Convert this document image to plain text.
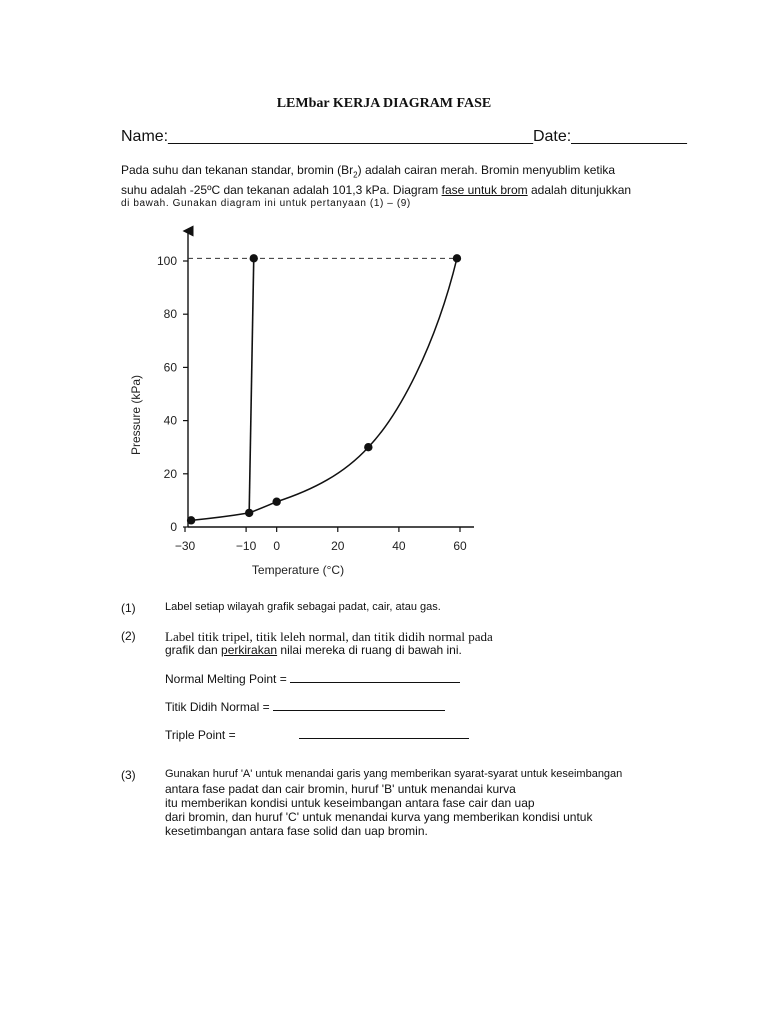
LEMbar KERJA DIAGRAM FASE
Name:_________________________________________Date:_____________
Pada suhu dan tekanan standar, bromin $(Br_2)$ adalah cairan merah. Bromin menyublim ketika
suhu adalah -25ºC dan tekanan adalah 101,3 kPa. Diagram fase untuk brom adalah ditunjukkan
di bawah. Gunakan diagram ini untuk pertanyaan (1) – (9)
0
20
40
60
80
100
−30	−10 0	20	40	60
Temperature (°C)
Pressure (kPa)
(1)	Label setiap wilayah grafik sebagai padat, cair, atau gas.
(2) Label titik tripel, titik leleh normal, dan titik didih normal pada
grafik dan perkirakan nilai mereka di ruang di bawah ini.
Normal Melting Point =
Titik Didih Normal =
Triple Point =
(3)	Gunakan huruf 'A' untuk menandai garis yang memberikan syarat-syarat untuk keseimbangan
antara fase padat dan cair bromin, huruf 'B' untuk menandai kurva
itu memberikan kondisi untuk keseimbangan antara fase cair dan uap
dari bromin, dan huruf 'C' untuk menandai kurva yang memberikan kondisi untuk
kesetimbangan antara fase solid dan uap bromin.
